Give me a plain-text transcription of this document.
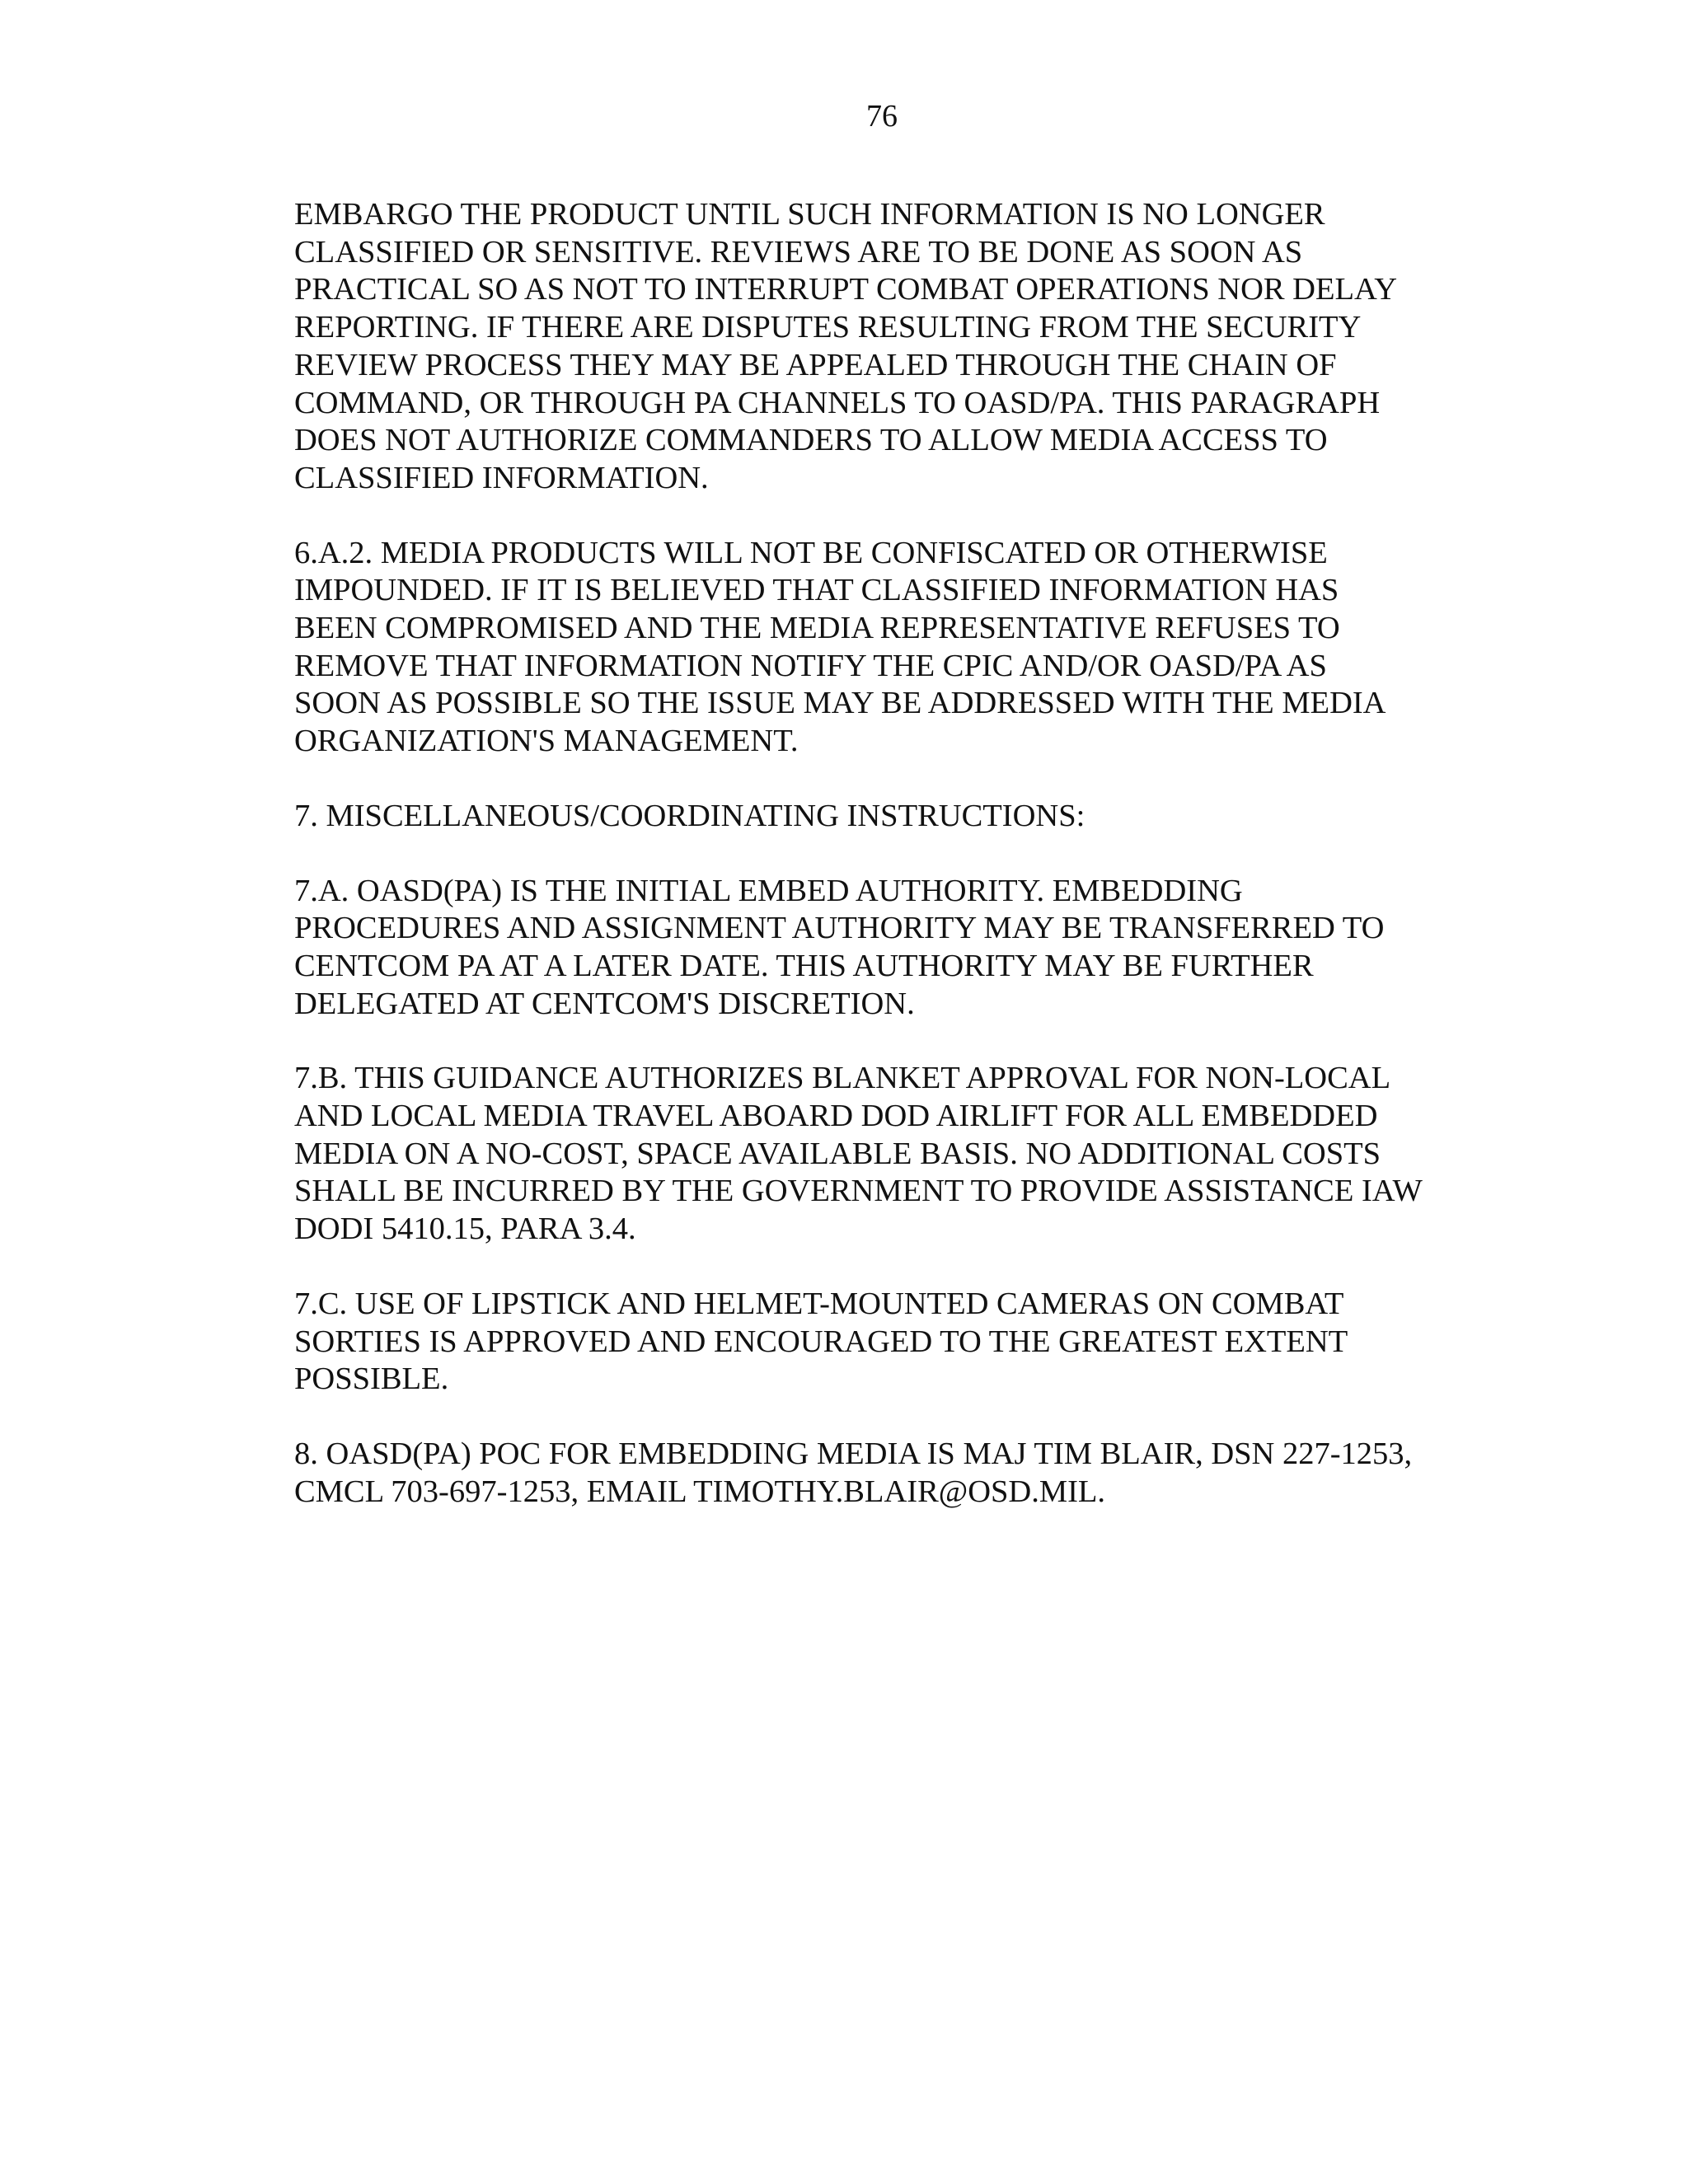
76

EMBARGO THE PRODUCT UNTIL SUCH INFORMATION IS NO LONGER
CLASSIFIED OR SENSITIVE. REVIEWS ARE TO BE DONE AS SOON AS
PRACTICAL SO AS NOT TO INTERRUPT COMBAT OPERATIONS NOR DELAY
REPORTING. IF THERE ARE DISPUTES RESULTING FROM THE SECURITY
REVIEW PROCESS THEY MAY BE APPEALED THROUGH THE CHAIN OF
COMMAND, OR THROUGH PA CHANNELS TO OASD/PA. THIS PARAGRAPH
DOES NOT AUTHORIZE COMMANDERS TO ALLOW MEDIA ACCESS TO
CLASSIFIED INFORMATION.

6.A.2. MEDIA PRODUCTS WILL NOT BE CONFISCATED OR OTHERWISE
IMPOUNDED. IF IT IS BELIEVED THAT CLASSIFIED INFORMATION HAS
BEEN COMPROMISED AND THE MEDIA REPRESENTATIVE REFUSES TO
REMOVE THAT INFORMATION NOTIFY THE CPIC AND/OR OASD/PA AS
SOON AS POSSIBLE SO THE ISSUE MAY BE ADDRESSED WITH THE MEDIA
ORGANIZATION'S MANAGEMENT.

7. MISCELLANEOUS/COORDINATING INSTRUCTIONS:

7.A. OASD(PA) IS THE INITIAL EMBED AUTHORITY. EMBEDDING
PROCEDURES AND ASSIGNMENT AUTHORITY MAY BE TRANSFERRED TO
CENTCOM PA AT A LATER DATE. THIS AUTHORITY MAY BE FURTHER
DELEGATED AT CENTCOM'S DISCRETION.

7.B. THIS GUIDANCE AUTHORIZES BLANKET APPROVAL FOR NON-LOCAL
AND LOCAL MEDIA TRAVEL ABOARD DOD AIRLIFT FOR ALL EMBEDDED
MEDIA ON A NO-COST, SPACE AVAILABLE BASIS. NO ADDITIONAL COSTS
SHALL BE INCURRED BY THE GOVERNMENT TO PROVIDE ASSISTANCE IAW
DODI 5410.15, PARA 3.4.

7.C. USE OF LIPSTICK AND HELMET-MOUNTED CAMERAS ON COMBAT
SORTIES IS APPROVED AND ENCOURAGED TO THE GREATEST EXTENT
POSSIBLE.

8. OASD(PA) POC FOR EMBEDDING MEDIA IS MAJ TIM BLAIR, DSN 227-1253,
CMCL 703-697-1253, EMAIL TIMOTHY.BLAIR@OSD.MIL.
